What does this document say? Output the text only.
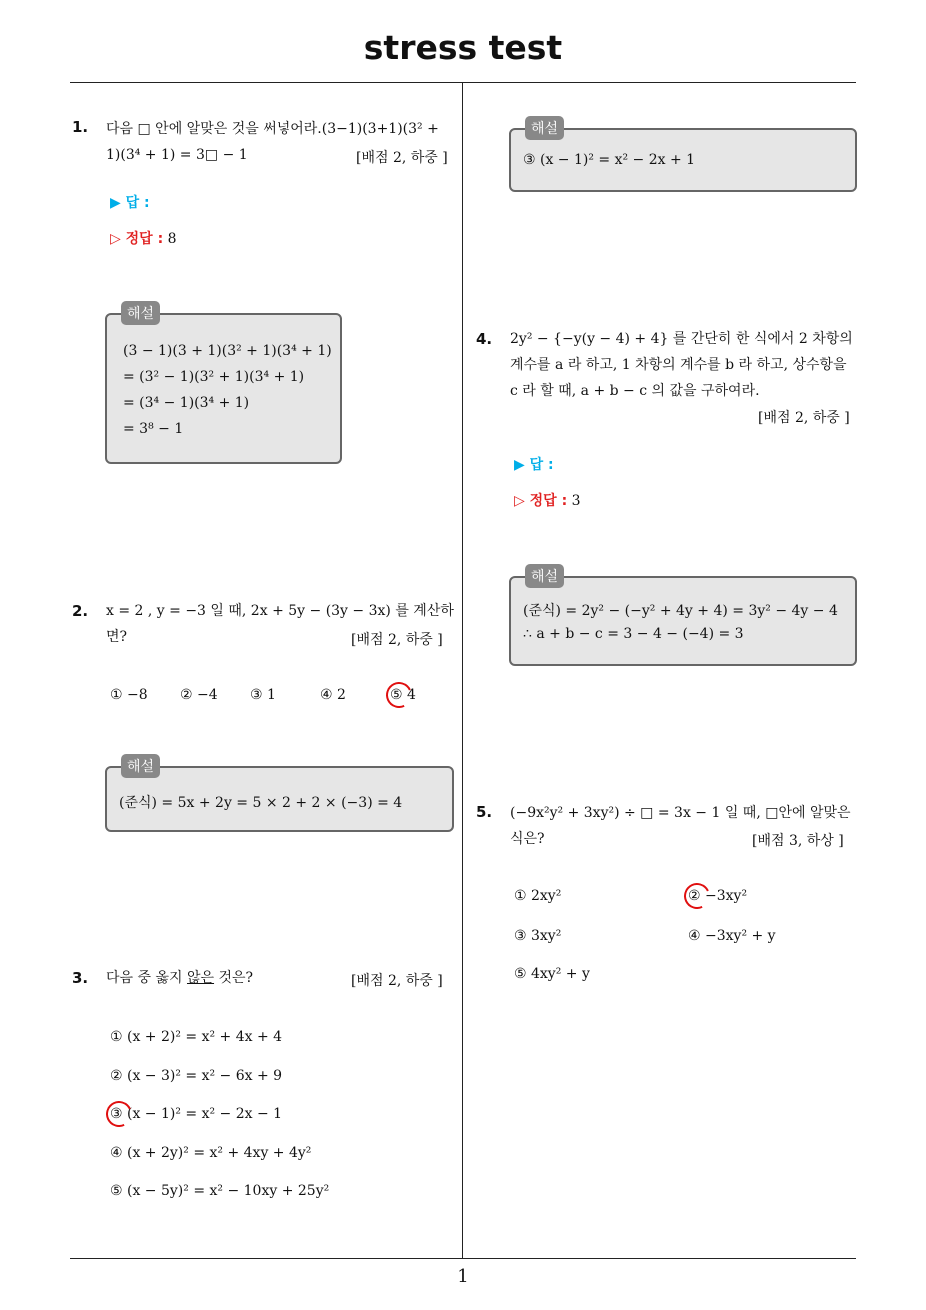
stress test
1. 다음 □ 안에 알맞은 것을 써넣어라.(3−1)(3+1)(3² +
1)(3⁴ + 1) = 3□ − 1	[배점 2, 하중 ]
▶ 답 :
▷ 정답 : 8
해설
(3 − 1)(3 + 1)(3² + 1)(3⁴ + 1)
= (3² − 1)(3² + 1)(3⁴ + 1)
= (3⁴ − 1)(3⁴ + 1)
= 3⁸ − 1
2. x = 2 , y = −3 일 때, 2x + 5y − (3y − 3x) 를 계산하
면?	[배점 2, 하중 ]
① −8 ② −4 ③ 1	④ 2	⑤ 4
해설
(준식) = 5x + 2y = 5 × 2 + 2 × (−3) = 4
3. 다음 중 옳지 않은 것은?	[배점 2, 하중 ]
① (x + 2)² = x² + 4x + 4
② (x − 3)² = x² − 6x + 9
③ (x − 1)² = x² − 2x − 1
④ (x + 2y)² = x² + 4xy + 4y²
⑤ (x − 5y)² = x² − 10xy + 25y²
해설
③ (x − 1)² = x² − 2x + 1
4. 2y² − {−y(y − 4) + 4} 를 간단히 한 식에서 2 차항의
계수를 a 라 하고, 1 차항의 계수를 b 라 하고, 상수항을
c 라 할 때, a + b − c 의 값을 구하여라.
[배점 2, 하중 ]
▶ 답 :
▷ 정답 : 3
해설
(준식) = 2y² − (−y² + 4y + 4) = 3y² − 4y − 4
∴ a + b − c = 3 − 4 − (−4) = 3
5. (−9x²y² + 3xy²) ÷ □ = 3x − 1 일 때, □안에 알맞은
식은?	[배점 3, 하상 ]
① 2xy²	② −3xy²
③ 3xy²	④ −3xy² + y
⑤ 4xy² + y
1
